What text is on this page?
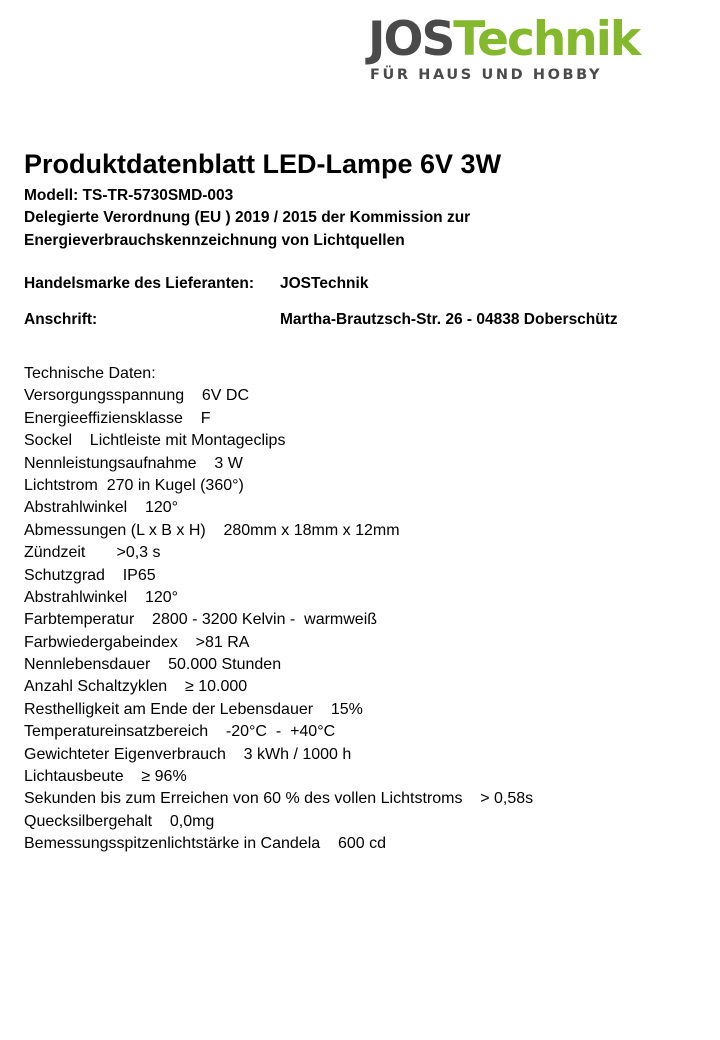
JOSTechnik
FÜR HAUS UND HOBBY
Produktdatenblatt LED-Lampe 6V 3W
Modell: TS-TR-5730SMD-003
Delegierte Verordnung (EU ) 2019 / 2015 der Kommission zur
Energieverbrauchskennzeichnung von Lichtquellen
Handelsmarke des Lieferanten: JOSTechnik
Anschrift:	Martha-Brautzsch-Str. 26 - 04838 Doberschütz
Technische Daten:
Versorgungsspannung    6V DC
Energieeffiziensklasse    F
Sockel    Lichtleiste mit Montageclips
Nennleistungsaufnahme    3 W
Lichtstrom  270 in Kugel (360°)
Abstrahlwinkel    120°
Abmessungen (L x B x H)    280mm x 18mm x 12mm
Zündzeit       >0,3 s
Schutzgrad    IP65
Abstrahlwinkel    120°
Farbtemperatur    2800 - 3200 Kelvin -  warmweiß
Farbwiedergabeindex    >81 RA
Nennlebensdauer    50.000 Stunden
Anzahl Schaltzyklen    ≥ 10.000
Resthelligkeit am Ende der Lebensdauer    15%
Temperatureinsatzbereich    -20°C  -  +40°C
Gewichteter Eigenverbrauch    3 kWh / 1000 h
Lichtausbeute    ≥ 96%
Sekunden bis zum Erreichen von 60 % des vollen Lichtstroms    > 0,58s
Quecksilbergehalt    0,0mg
Bemessungsspitzenlichtstärke in Candela    600 cd
